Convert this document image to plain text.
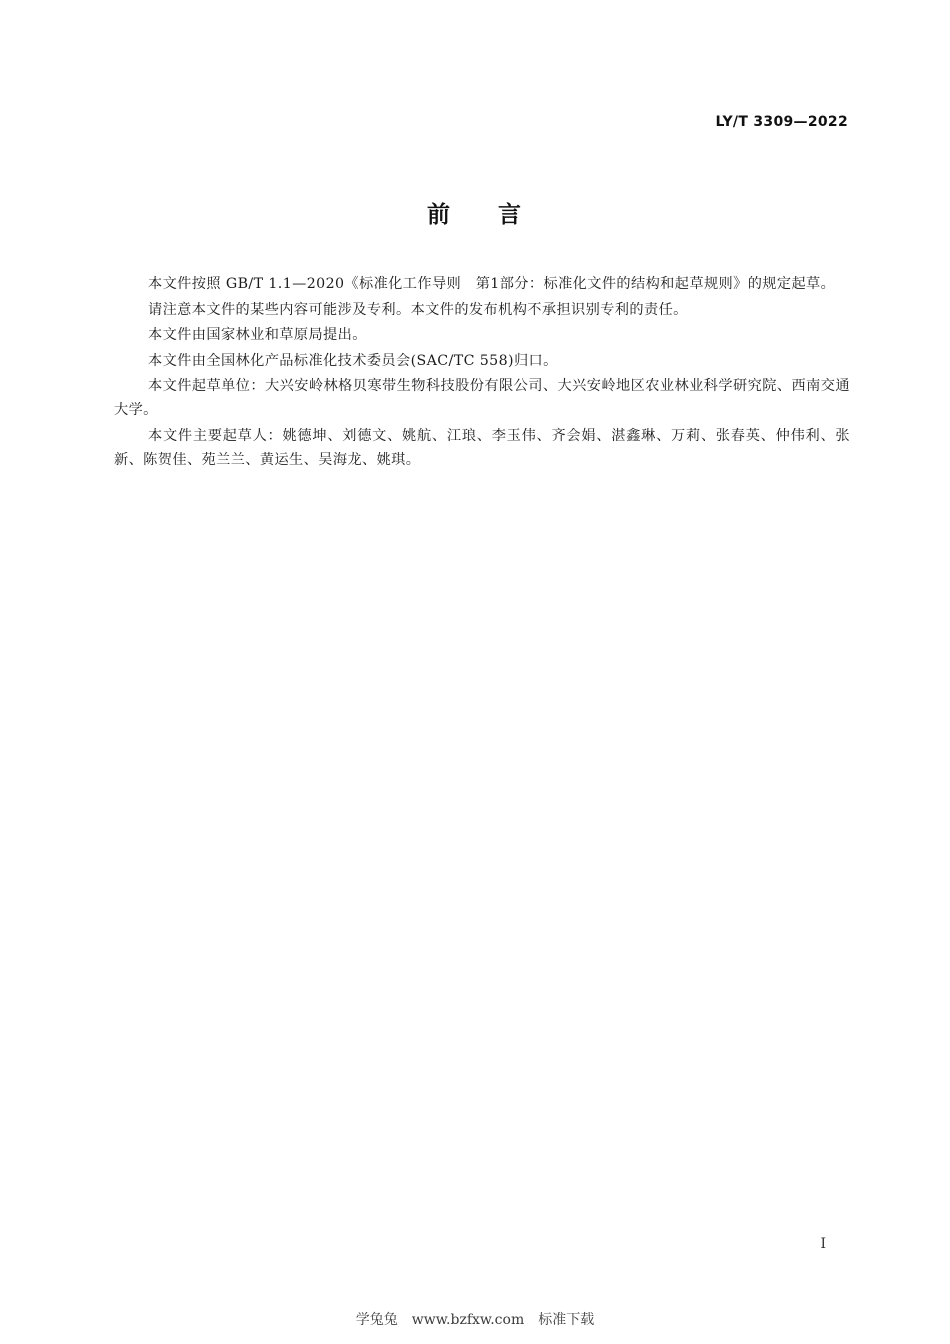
LY/T 3309—2022
前 言

本文件按照 GB/T 1.1—2020《标准化工作导则　第1部分：标准化文件的结构和起草规则》的规定起草。

请注意本文件的某些内容可能涉及专利。本文件的发布机构不承担识别专利的责任。

本文件由国家林业和草原局提出。

本文件由全国林化产品标准化技术委员会(SAC/TC 558)归口。

本文件起草单位：大兴安岭林格贝寒带生物科技股份有限公司、大兴安岭地区农业林业科学研究院、西南交通大学。

本文件主要起草人：姚德坤、刘德文、姚航、江琅、李玉伟、齐会娟、湛鑫琳、万莉、张春英、仲伟利、张新、陈贺佳、苑兰兰、黄运生、吴海龙、姚琪。

I
学兔兔　www.bzfxw.com　标准下载
